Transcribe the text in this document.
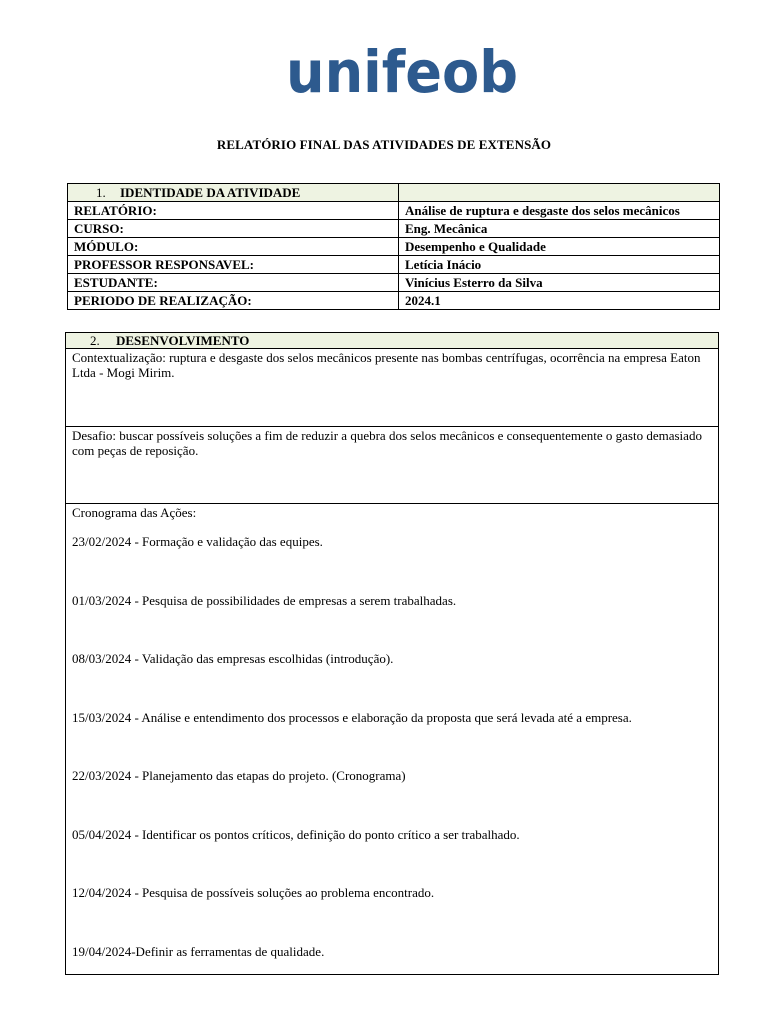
unifeob
RELATÓRIO FINAL DAS ATIVIDADES DE EXTENSÃO
1. IDENTIDADE DA ATIVIDADE	
RELATÓRIO:	Análise de ruptura e desgaste dos selos mecânicos
CURSO:	Eng. Mecânica
MÓDULO:	Desempenho e Qualidade
PROFESSOR RESPONSAVEL:	Letícia Inácio
ESTUDANTE:	Vinícius Esterro da Silva
PERIODO DE REALIZAÇÃO:	2024.1
2. DESENVOLVIMENTO
Contextualização: ruptura e desgaste dos selos mecânicos presente nas bombas centrífugas, ocorrência na empresa Eaton Ltda - Mogi Mirim.
Desafio: buscar possíveis soluções a fim de reduzir a quebra dos selos mecânicos e consequentemente o gasto demasiado com peças de reposição.
Cronograma das Ações:
23/02/2024 - Formação e validação das equipes.
01/03/2024 - Pesquisa de possibilidades de empresas a serem trabalhadas.
08/03/2024 - Validação das empresas escolhidas (introdução).
15/03/2024 - Análise e entendimento dos processos e elaboração da proposta que será levada até a empresa.
22/03/2024 - Planejamento das etapas do projeto. (Cronograma)
05/04/2024 - Identificar os pontos críticos, definição do ponto crítico a ser trabalhado.
12/04/2024 - Pesquisa de possíveis soluções ao problema encontrado.
19/04/2024-Definir as ferramentas de qualidade.
